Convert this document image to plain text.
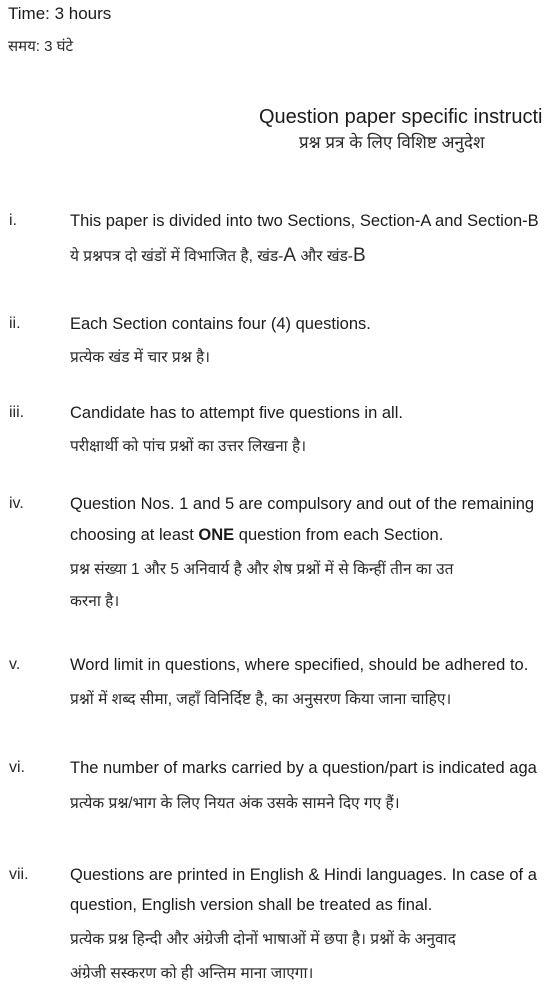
Time: 3 hours
समय: 3 घंटे
Question paper specific instructi
प्रश्न प्रत्र के लिए विशिष्ट अनुदेश
i.	This paper is divided into two Sections, Section-A and Section-B
ये प्रश्नपत्र दो खंडों में विभाजित है, खंड-A और खंड-B
ii.	Each Section contains four (4) questions.
प्रत्येक खंड में चार प्रश्न है।
iii.	Candidate has to attempt five questions in all.
परीक्षार्थी को पांच प्रश्नों का उत्तर लिखना है।
iv.	Question Nos. 1 and 5 are compulsory and out of the remaining
choosing at least ONE question from each Section.
प्रश्न संख्या 1 और 5 अनिवार्य है और शेष प्रश्नों में से किन्हीं तीन का उत
करना है।
v.	Word limit in questions, where specified, should be adhered to.
प्रश्नों में शब्द सीमा, जहाँ विनिर्दिष्ट है, का अनुसरण किया जाना चाहिए।
vi.	The number of marks carried by a question/part is indicated aga
प्रत्येक प्रश्न/भाग के लिए नियत अंक उसके सामने दिए गए हैं।
vii.	Questions are printed in English & Hindi languages. In case of a
question, English version shall be treated as final.
प्रत्येक प्रश्न हिन्दी और अंग्रेजी दोनों भाषाओं में छपा है। प्रश्नों के अनुवाद
अंग्रेजी सस्करण को ही अन्तिम माना जाएगा।
